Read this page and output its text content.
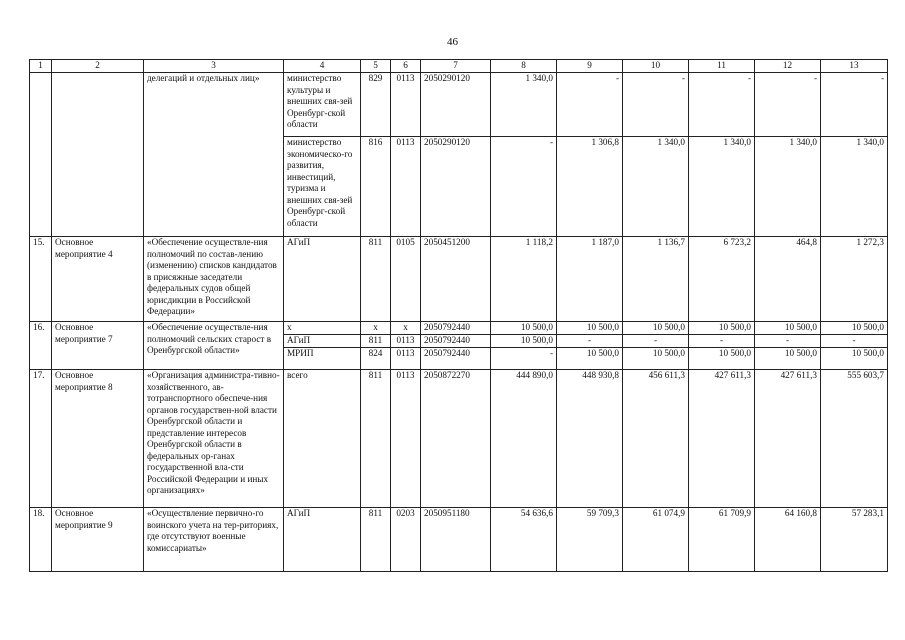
46
1	2	3	4	5	6	7	8	9	10	11	12	13
		делегаций и отдельных лиц»	министерство культуры и внешних свя-зей Оренбург-ской области	829	0113	2050290120	1 340,0	-	-	-	-	-
			министерство экономическо-го развития, инвестиций, туризма и внешних свя-зей Оренбург-ской области	816	0113	2050290120	-	1 306,8	1 340,0	1 340,0	1 340,0	1 340,0
15.	Основное мероприятие 4	«Обеспечение осуществле-ния полномочий по состав-лению (изменению) списков кандидатов в присяжные заседатели федеральных судов общей юрисдикции в Российской Федерации»	АГиП	811	0105	2050451200	1 118,2	1 187,0	1 136,7	6 723,2	464,8	1 272,3
16.	Основное мероприятие 7	«Обеспечение осуществле-ния полномочий сельских старост в Оренбургской области»	х	х	х	2050792440	10 500,0	10 500,0	10 500,0	10 500,0	10 500,0	10 500,0
			АГиП	811	0113	2050792440	10 500,0	-	-	-	-	-
			МРИП	824	0113	2050792440	-	10 500,0	10 500,0	10 500,0	10 500,0	10 500,0
17.	Основное мероприятие 8	«Организация администра-тивно-хозяйственного, ав-тотранспортного обеспече-ния органов государствен-ной власти Оренбургской области и представление интересов Оренбургской области в федеральных ор-ганах государственной вла-сти Российской Федерации и иных организациях»	всего	811	0113	2050872270	444 890,0	448 930,8	456 611,3	427 611,3	427 611,3	555 603,7
18.	Основное мероприятие 9	«Осуществление первично-го воинского учета на тер-риториях, где отсутствуют военные комиссариаты»	АГиП	811	0203	2050951180	54 636,6	59 709,3	61 074,9	61 709,9	64 160,8	57 283,1
